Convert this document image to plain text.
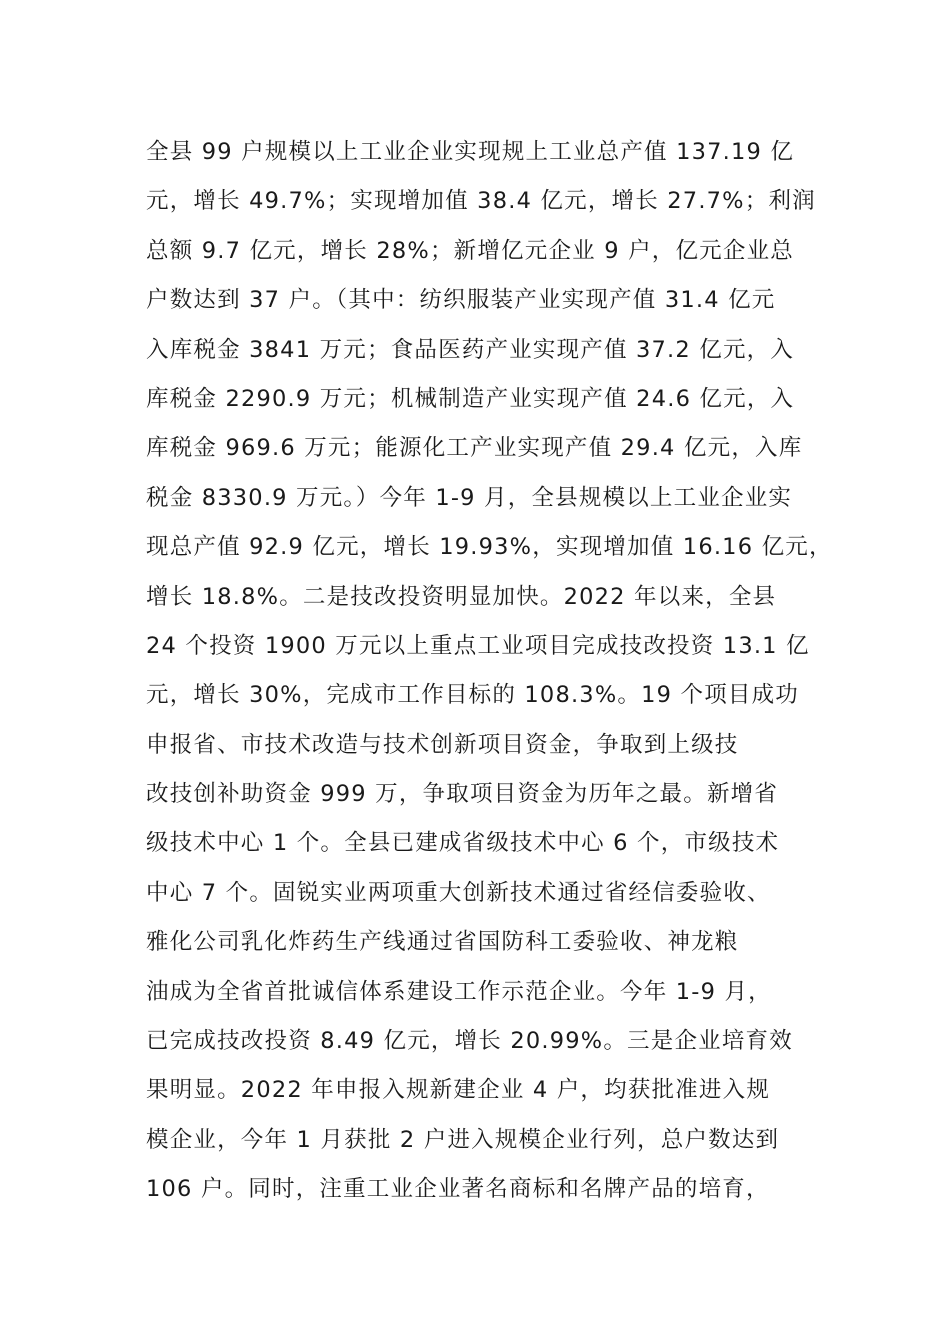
全县 99 户规模以上工业企业实现规上工业总产值 137.19 亿
元，增长 49.7%；实现增加值 38.4 亿元，增长 27.7%；利润
总额 9.7 亿元，增长 28%；新增亿元企业 9 户，亿元企业总
户数达到 37 户。（其中：纺织服装产业实现产值 31.4 亿元
入库税金 3841 万元；食品医药产业实现产值 37.2 亿元，入
库税金 2290.9 万元；机械制造产业实现产值 24.6 亿元，入
库税金 969.6 万元；能源化工产业实现产值 29.4 亿元，入库
税金 8330.9 万元。）今年 1-9 月，全县规模以上工业企业实
现总产值 92.9 亿元，增长 19.93%，实现增加值 16.16 亿元，
增长 18.8%。二是技改投资明显加快。2022 年以来，全县
24 个投资 1900 万元以上重点工业项目完成技改投资 13.1 亿
元，增长 30%，完成市工作目标的 108.3%。19 个项目成功
申报省、市技术改造与技术创新项目资金，争取到上级技
改技创补助资金 999 万，争取项目资金为历年之最。新增省
级技术中心 1 个。全县已建成省级技术中心 6 个，市级技术
中心 7 个。固锐实业两项重大创新技术通过省经信委验收、
雅化公司乳化炸药生产线通过省国防科工委验收、神龙粮
油成为全省首批诚信体系建设工作示范企业。今年 1-9 月，
已完成技改投资 8.49 亿元，增长 20.99%。三是企业培育效
果明显。2022 年申报入规新建企业 4 户，均获批准进入规
模企业，今年 1 月获批 2 户进入规模企业行列，总户数达到
106 户。同时，注重工业企业著名商标和名牌产品的培育，
